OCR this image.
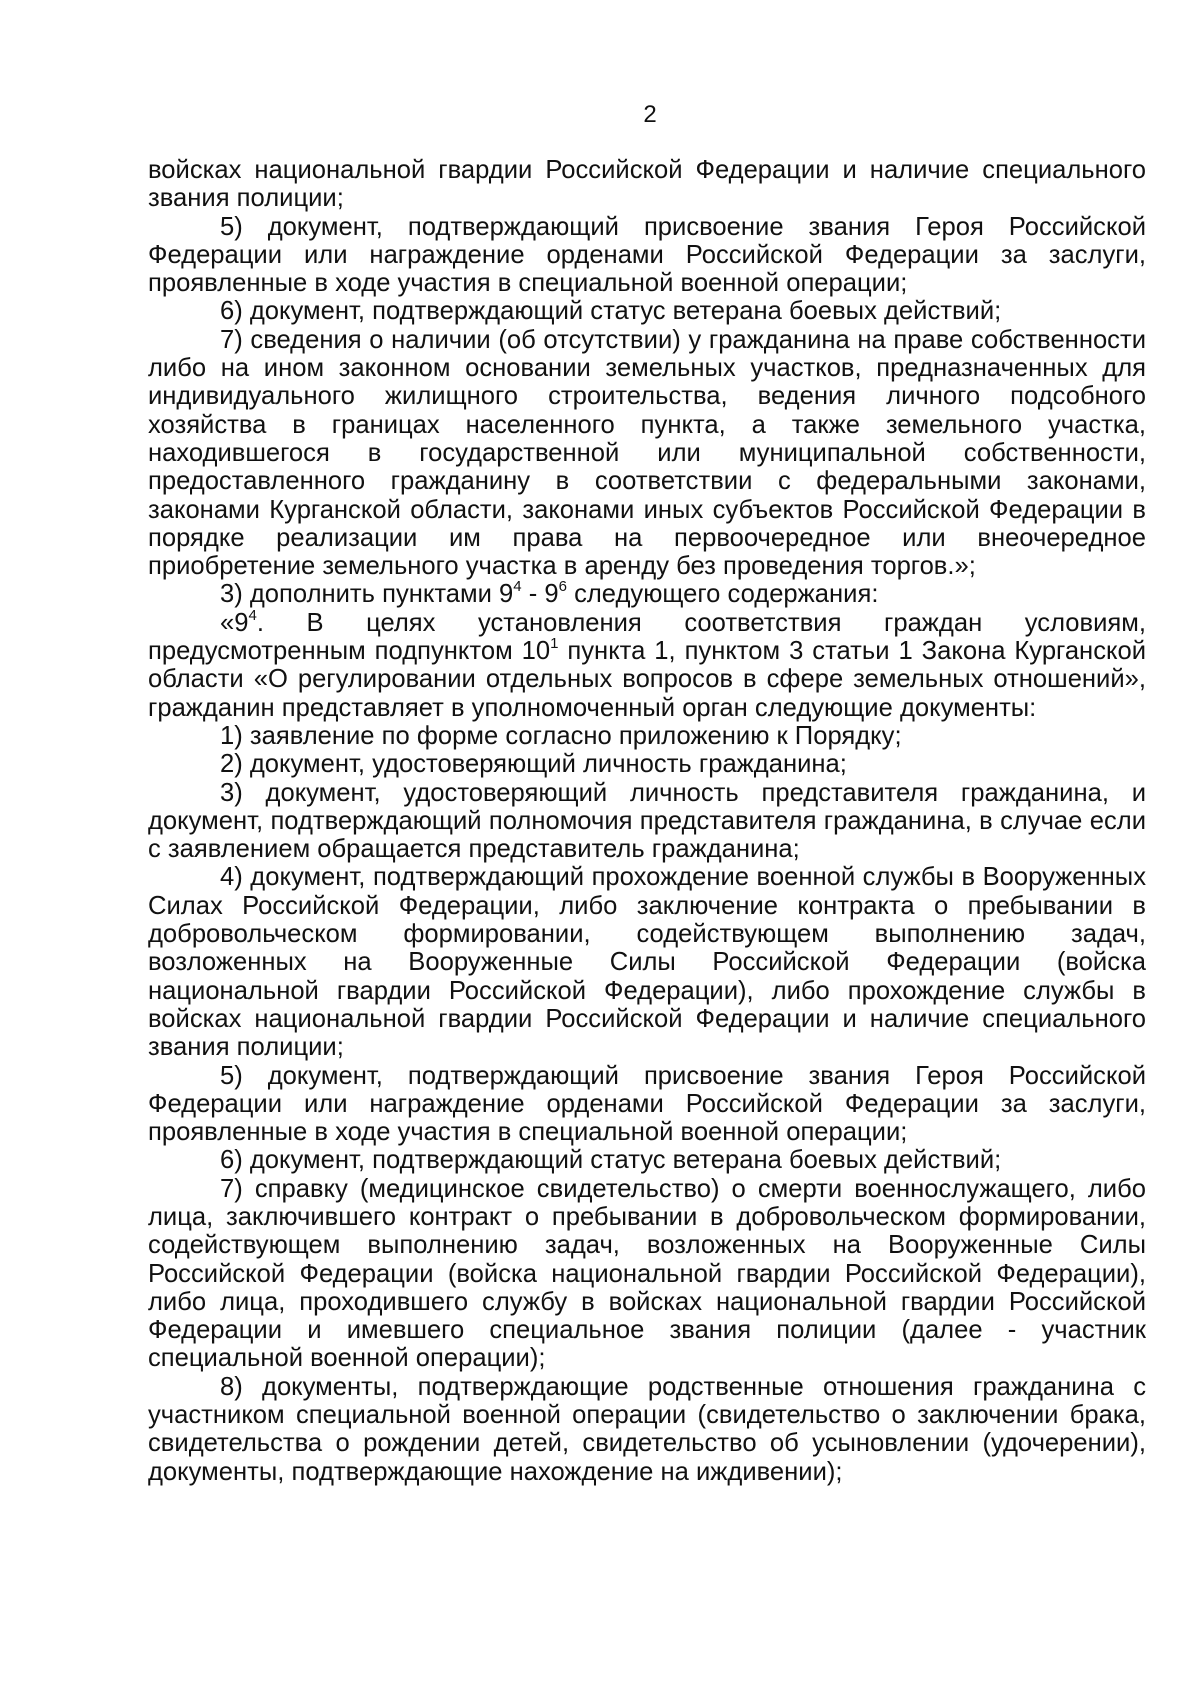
2

войсках национальной гвардии Российской Федерации и наличие специального звания полиции;

5) документ, подтверждающий присвоение звания Героя Российской Федерации или награждение орденами Российской Федерации за заслуги, проявленные в ходе участия в специальной военной операции;

6) документ, подтверждающий статус ветерана боевых действий;

7) сведения о наличии (об отсутствии) у гражданина на праве собственности либо на ином законном основании земельных участков, предназначенных для индивидуального жилищного строительства, ведения личного подсобного хозяйства в границах населенного пункта, а также земельного участка, находившегося в государственной или муниципальной собственности, предоставленного гражданину в соответствии с федеральными законами, законами Курганской области, законами иных субъектов Российской Федерации в порядке реализации им права на первоочередное или внеочередное приобретение земельного участка в аренду без проведения торгов.»;

3) дополнить пунктами $9^4 - 9^6$ следующего содержания:

«$9^4$. В целях установления соответствия граждан условиям, предусмотренным подпунктом $10^1$ пункта 1, пунктом 3 статьи 1 Закона Курганской области «О регулировании отдельных вопросов в сфере земельных отношений», гражданин представляет в уполномоченный орган следующие документы:

1) заявление по форме согласно приложению к Порядку;

2) документ, удостоверяющий личность гражданина;

3) документ, удостоверяющий личность представителя гражданина, и документ, подтверждающий полномочия представителя гражданина, в случае если с заявлением обращается представитель гражданина;

4) документ, подтверждающий прохождение военной службы в Вооруженных Силах Российской Федерации, либо заключение контракта о пребывании в добровольческом формировании, содействующем выполнению задач, возложенных на Вооруженные Силы Российской Федерации (войска национальной гвардии Российской Федерации), либо прохождение службы в войсках национальной гвардии Российской Федерации и наличие специального звания полиции;

5) документ, подтверждающий присвоение звания Героя Российской Федерации или награждение орденами Российской Федерации за заслуги, проявленные в ходе участия в специальной военной операции;

6) документ, подтверждающий статус ветерана боевых действий;

7) справку (медицинское свидетельство) о смерти военнослужащего, либо лица, заключившего контракт о пребывании в добровольческом формировании, содействующем выполнению задач, возложенных на Вооруженные Силы Российской Федерации (войска национальной гвардии Российской Федерации), либо лица, проходившего службу в войсках национальной гвардии Российской Федерации и имевшего специальное звания полиции (далее - участник специальной военной операции);

8) документы, подтверждающие родственные отношения гражданина с участником специальной военной операции (свидетельство о заключении брака, свидетельства о рождении детей, свидетельство об усыновлении (удочерении), документы, подтверждающие нахождение на иждивении);
